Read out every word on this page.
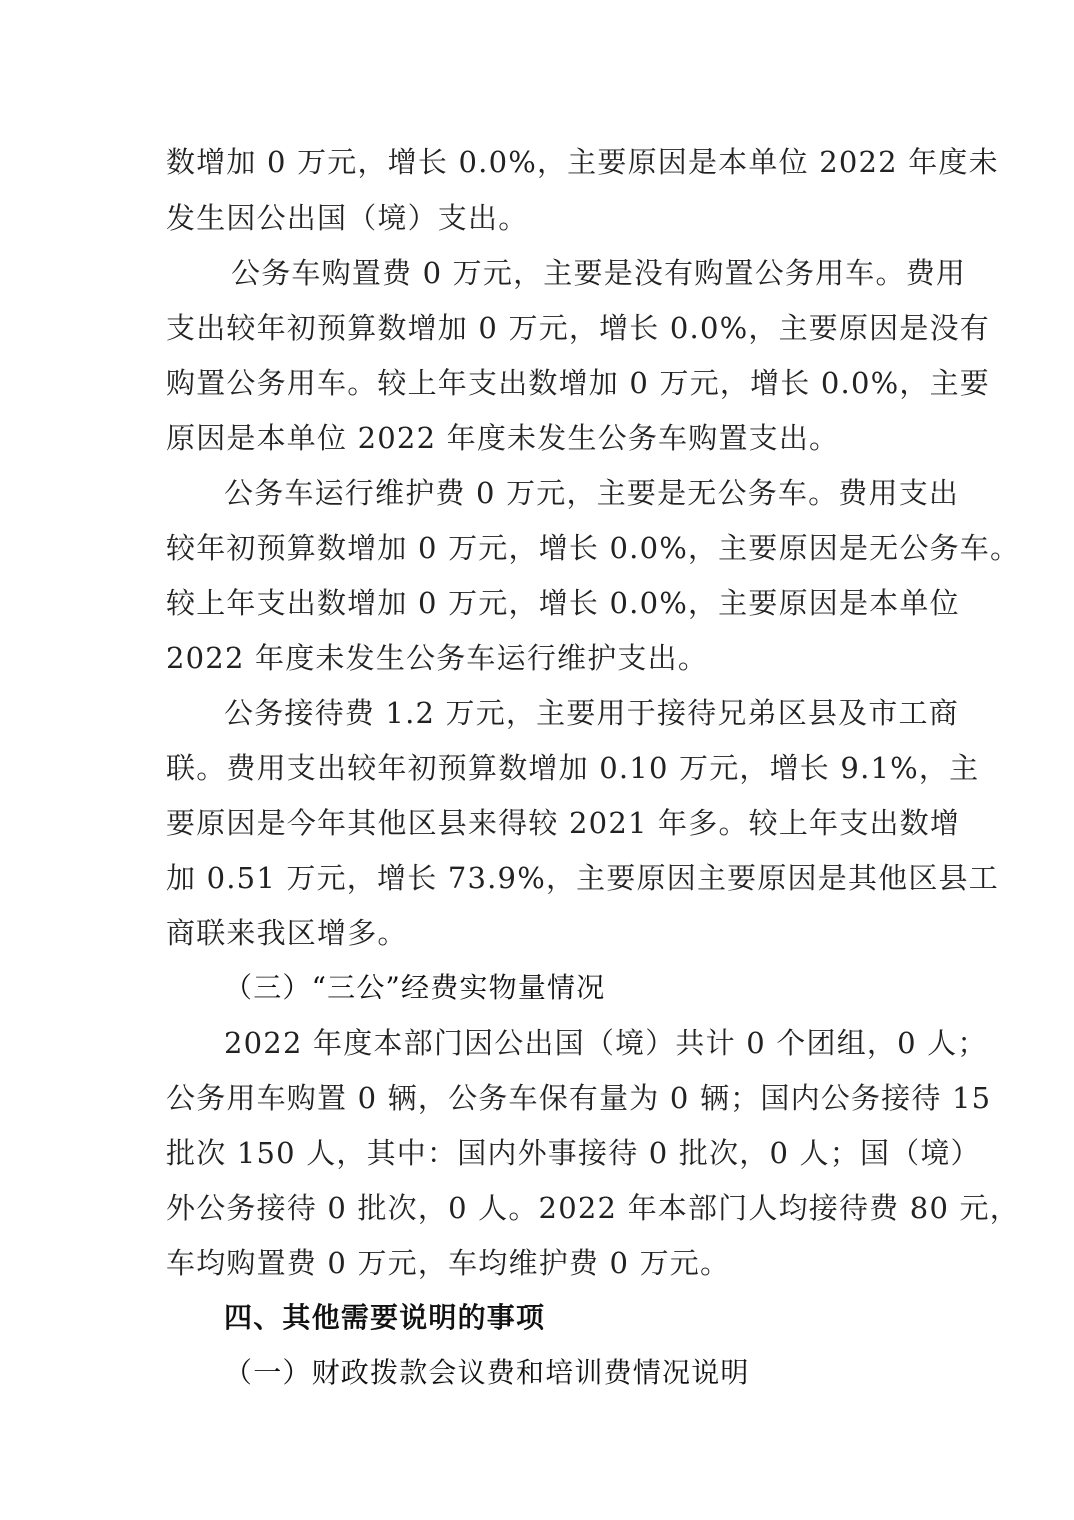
数增加 0 万元，增长 0.0%，主要原因是本单位 2022 年度未
发生因公出国（境）支出。
公务车购置费 0 万元，主要是没有购置公务用车。费用
支出较年初预算数增加 0 万元，增长 0.0%，主要原因是没有
购置公务用车。较上年支出数增加 0 万元，增长 0.0%，主要
原因是本单位 2022 年度未发生公务车购置支出。
公务车运行维护费 0 万元，主要是无公务车。费用支出
较年初预算数增加 0 万元，增长 0.0%，主要原因是无公务车。
较上年支出数增加 0 万元，增长 0.0%，主要原因是本单位
2022 年度未发生公务车运行维护支出。
公务接待费 1.2 万元，主要用于接待兄弟区县及市工商
联。费用支出较年初预算数增加 0.10 万元，增长 9.1%，主
要原因是今年其他区县来得较 2021 年多。较上年支出数增
加 0.51 万元，增长 73.9%，主要原因主要原因是其他区县工
商联来我区增多。
（三）“三公”经费实物量情况
2022 年度本部门因公出国（境）共计 0 个团组，0 人；
公务用车购置 0 辆，公务车保有量为 0 辆；国内公务接待 15
批次 150 人，其中：国内外事接待 0 批次，0 人；国（境）
外公务接待 0 批次，0 人。2022 年本部门人均接待费 80 元，
车均购置费 0 万元，车均维护费 0 万元。
四、其他需要说明的事项
（一）财政拨款会议费和培训费情况说明
